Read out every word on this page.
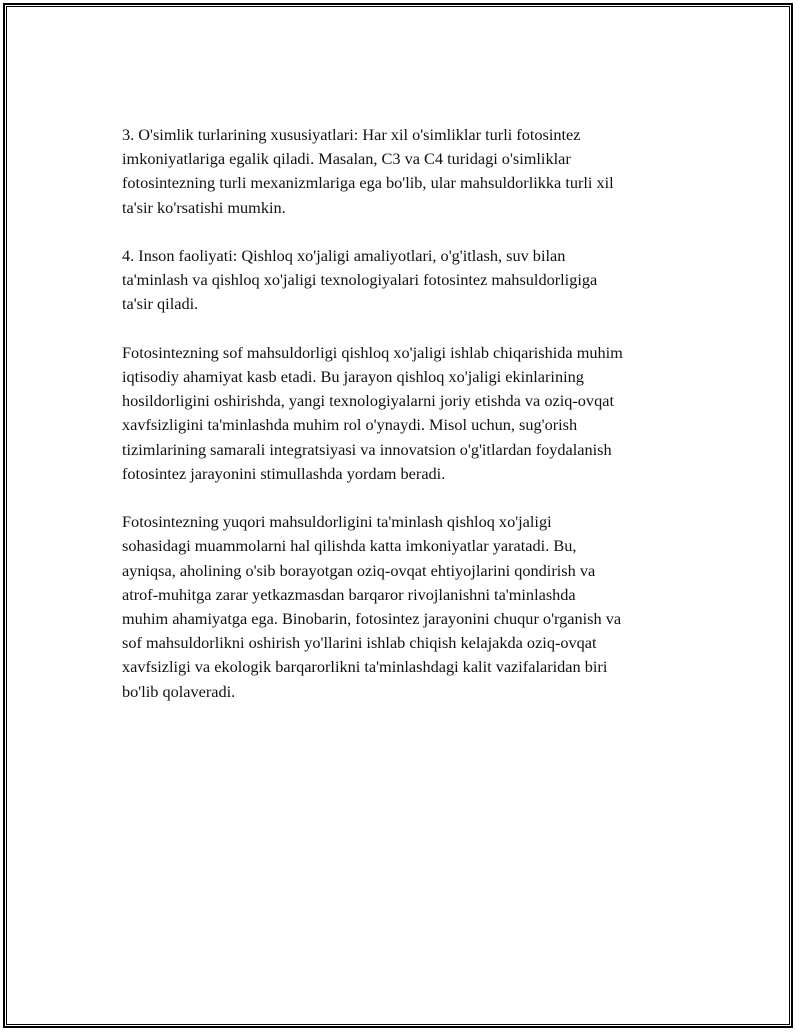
3. O'simlik turlarining xususiyatlari: Har xil o'simliklar turli fotosintez
imkoniyatlariga egalik qiladi. Masalan, C3 va C4 turidagi o'simliklar
fotosintezning turli mexanizmlariga ega bo'lib, ular mahsuldorlikka turli xil
ta'sir ko'rsatishi mumkin.

4. Inson faoliyati: Qishloq xo'jaligi amaliyotlari, o'g'itlash, suv bilan
ta'minlash va qishloq xo'jaligi texnologiyalari fotosintez mahsuldorligiga
ta'sir qiladi.

Fotosintezning sof mahsuldorligi qishloq xo'jaligi ishlab chiqarishida muhim
iqtisodiy ahamiyat kasb etadi. Bu jarayon qishloq xo'jaligi ekinlarining
hosildorligini oshirishda, yangi texnologiyalarni joriy etishda va oziq-ovqat
xavfsizligini ta'minlashda muhim rol o'ynaydi. Misol uchun, sug'orish
tizimlarining samarali integratsiyasi va innovatsion o'g'itlardan foydalanish
fotosintez jarayonini stimullashda yordam beradi.

Fotosintezning yuqori mahsuldorligini ta'minlash qishloq xo'jaligi
sohasidagi muammolarni hal qilishda katta imkoniyatlar yaratadi. Bu,
ayniqsa, aholining o'sib borayotgan oziq-ovqat ehtiyojlarini qondirish va
atrof-muhitga zarar yetkazmasdan barqaror rivojlanishni ta'minlashda
muhim ahamiyatga ega. Binobarin, fotosintez jarayonini chuqur o'rganish va
sof mahsuldorlikni oshirish yo'llarini ishlab chiqish kelajakda oziq-ovqat
xavfsizligi va ekologik barqarorlikni ta'minlashdagi kalit vazifalaridan biri
bo'lib qolaveradi.
